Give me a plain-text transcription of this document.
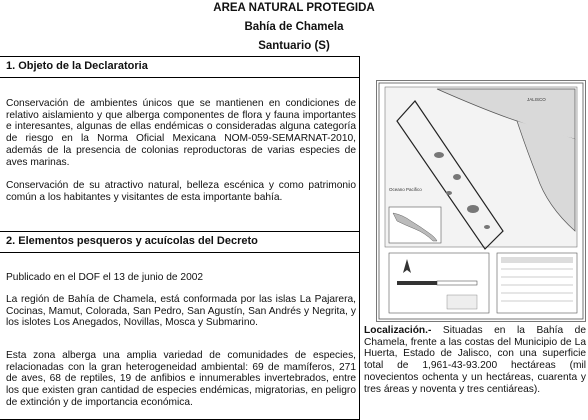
AREA NATURAL PROTEGIDA
Bahía de Chamela
Santuario (S)
1. Objeto de la Declaratoria
Conservación de ambientes únicos que se mantienen en condiciones de relativo aislamiento y que alberga componentes de flora y fauna importantes e interesantes, algunas de ellas endémicas o consideradas alguna categoría de riesgo en la Norma Oficial Mexicana NOM-059-SEMARNAT-2010, además de la presencia de colonias reproductoras de varias especies de aves marinas.
Conservación de su atractivo natural, belleza escénica y como patrimonio común a los habitantes y visitantes de esta importante bahía.
2. Elementos pesqueros y acuícolas del Decreto
Publicado en el DOF el 13 de junio de 2002
La región de Bahía de Chamela, está conformada por las islas La Pajarera, Cocinas, Mamut, Colorada, San Pedro, San Agustín, San Andrés y Negrita, y los islotes Los Anegados, Novillas, Mosca y Submarino.
Esta zona alberga una amplia variedad de comunidades de especies, relacionadas con la gran heterogeneidad ambiental: 69 de mamíferos, 271 de aves, 68 de reptiles, 19 de anfibios e innumerables invertebrados, entre los que existen gran cantidad de especies endémicas, migratorias, en peligro de extinción y de importancia económica.
Oceano Pacifico
JALISCO
Localización.- Situadas en la Bahía de Chamela, frente a las costas del Municipio de La Huerta, Estado de Jalisco, con una superficie total de 1,961-43-93.200 hectáreas (mil novecientos ochenta y un hectáreas, cuarenta y tres áreas y noventa y tres centiáreas).
